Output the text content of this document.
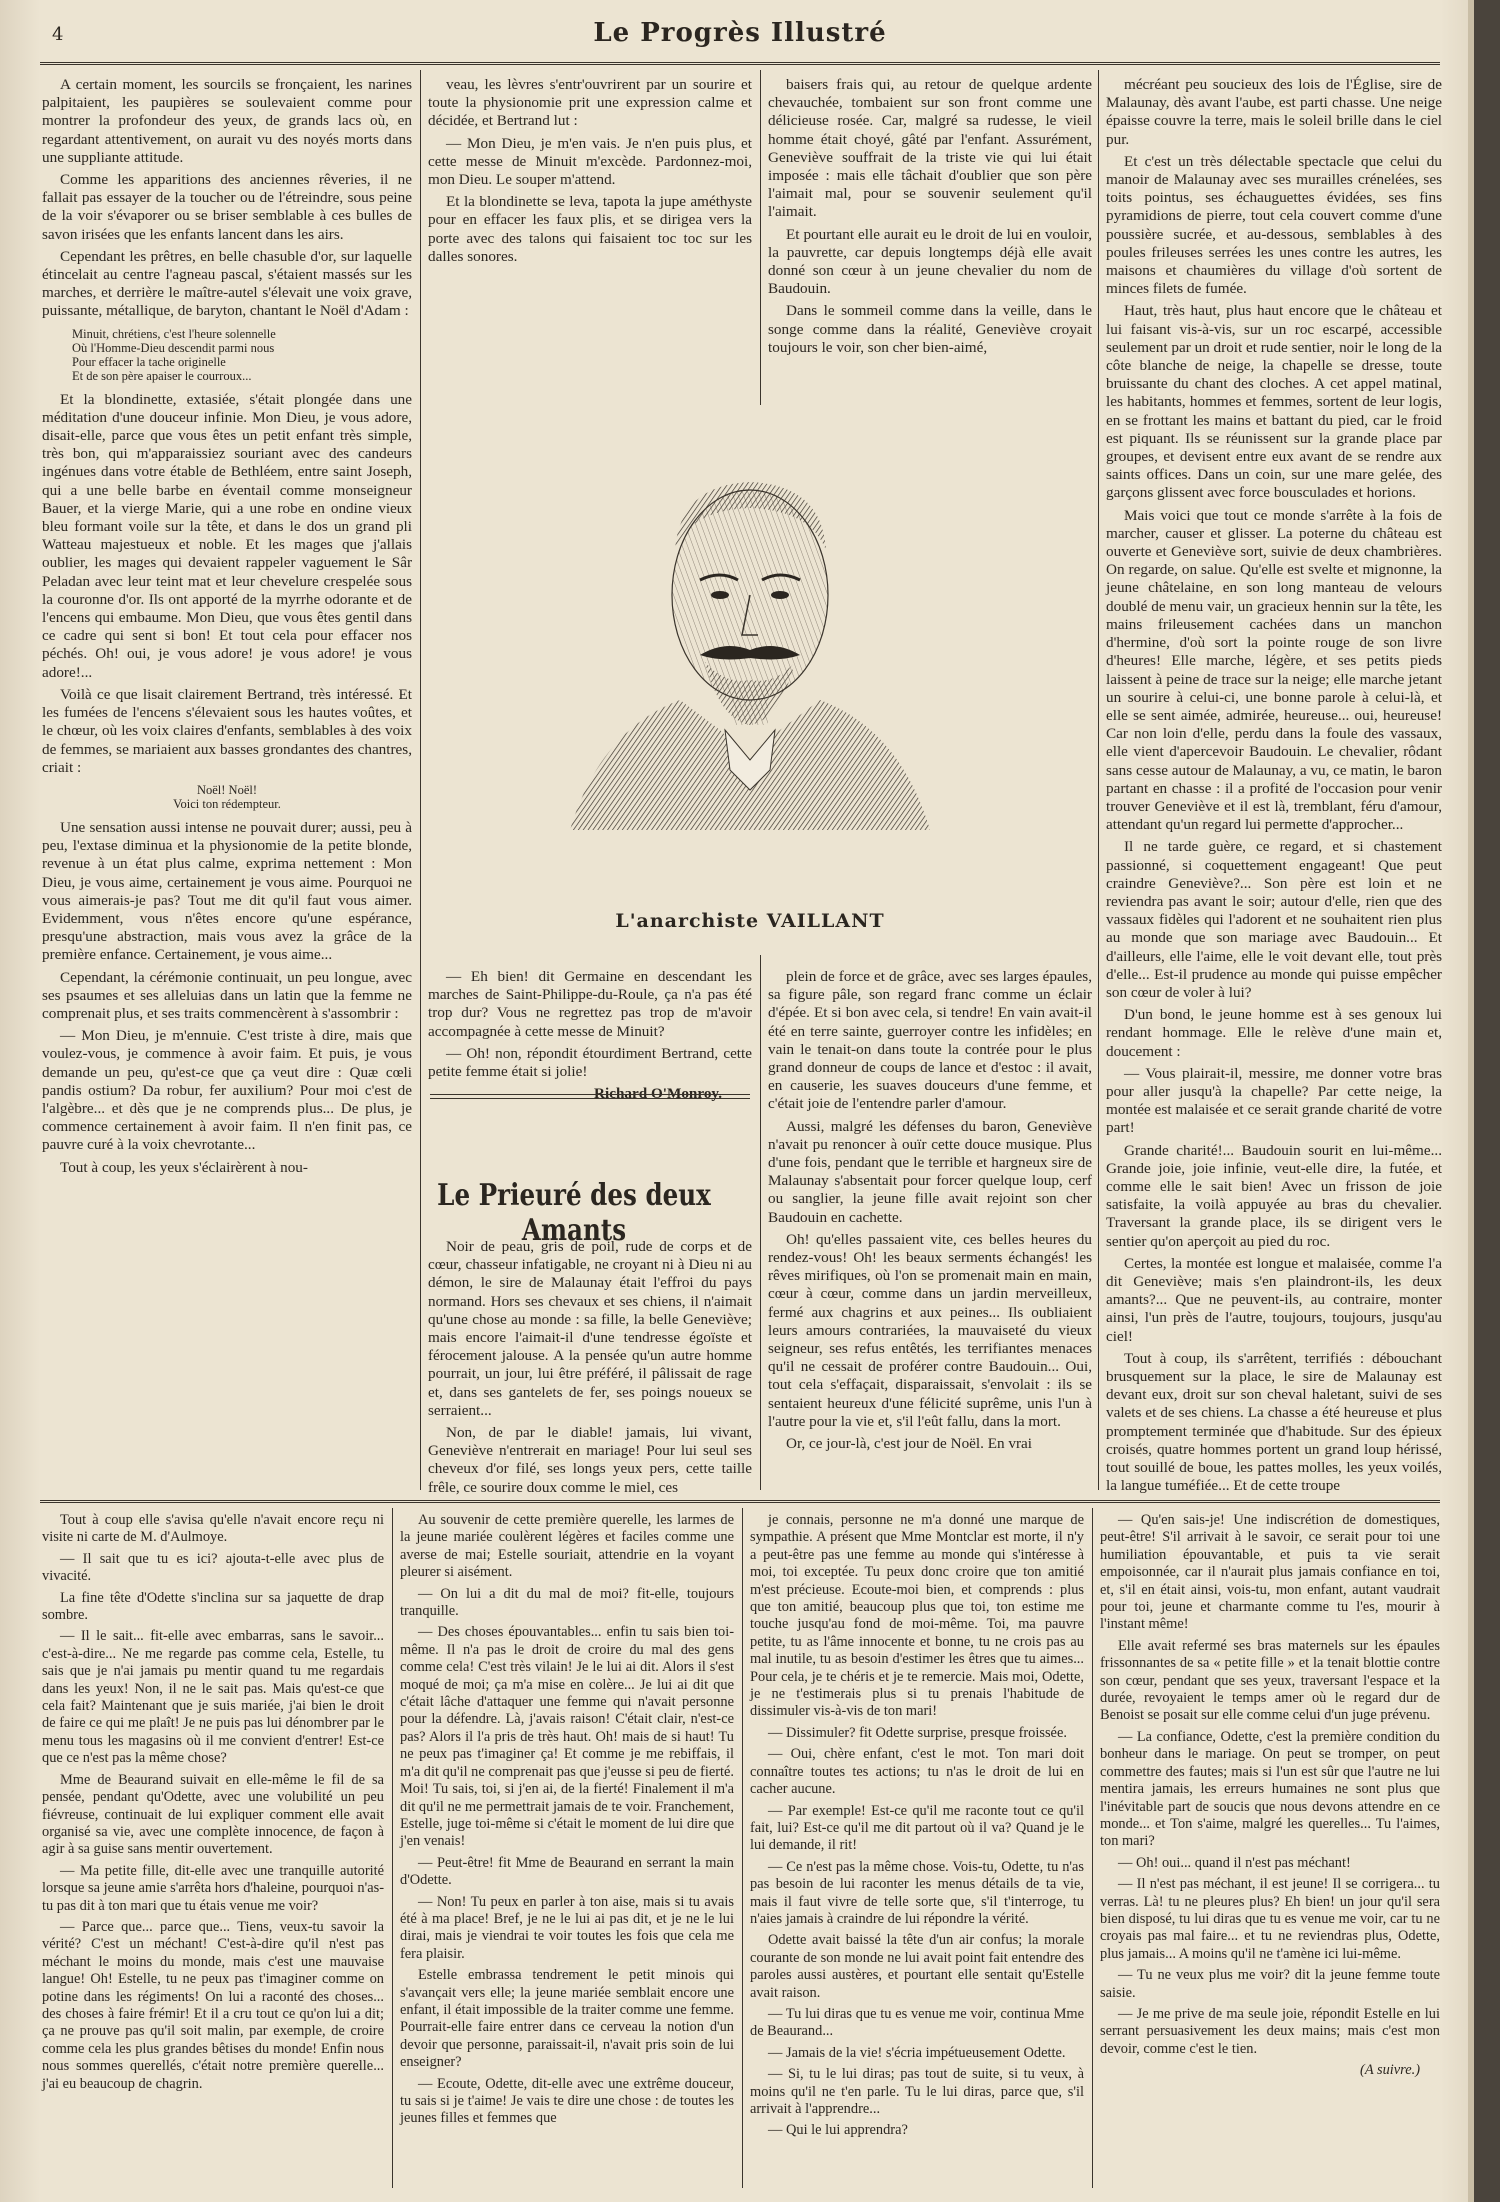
4	Le Progrès Illustré

A certain moment, les sourcils se fronçaient, les narines palpitaient, les paupières se soulevaient comme pour montrer la profondeur des yeux, de grands lacs où, en regardant attentivement, on aurait vu des noyés morts dans une suppliante attitude.

Comme les apparitions des anciennes rêveries, il ne fallait pas essayer de la toucher ou de l'étreindre, sous peine de la voir s'évaporer ou se briser semblable à ces bulles de savon irisées que les enfants lancent dans les airs.

Cependant les prêtres, en belle chasuble d'or, sur laquelle étincelait au centre l'agneau pascal, s'étaient massés sur les marches, et derrière le maître-autel s'élevait une voix grave, puissante, métallique, de baryton, chantant le Noël d'Adam :

Minuit, chrétiens, c'est l'heure solennelle
Où l'Homme-Dieu descendit parmi nous
Pour effacer la tache originelle
Et de son père apaiser le courroux...

Et la blondinette, extasiée, s'était plongée dans une méditation d'une douceur infinie. Mon Dieu, je vous adore, disait-elle, parce que vous êtes un petit enfant très simple, très bon, qui m'apparaissiez souriant avec des candeurs ingénues dans votre étable de Bethléem, entre saint Joseph, qui a une belle barbe en éventail comme monseigneur Bauer, et la vierge Marie, qui a une robe en ondine vieux bleu formant voile sur la tête, et dans le dos un grand pli Watteau majestueux et noble. Et les mages que j'allais oublier, les mages qui devaient rappeler vaguement le Sâr Peladan avec leur teint mat et leur chevelure crespelée sous la couronne d'or. Ils ont apporté de la myrrhe odorante et de l'encens qui embaume. Mon Dieu, que vous êtes gentil dans ce cadre qui sent si bon! Et tout cela pour effacer nos péchés. Oh! oui, je vous adore! je vous adore! je vous adore!...

Voilà ce que lisait clairement Bertrand, très intéressé. Et les fumées de l'encens s'élevaient sous les hautes voûtes, et le chœur, où les voix claires d'enfants, semblables à des voix de femmes, se mariaient aux basses grondantes des chantres, criait :

Noël! Noël!
Voici ton rédempteur.

Une sensation aussi intense ne pouvait durer; aussi, peu à peu, l'extase diminua et la physionomie de la petite blonde, revenue à un état plus calme, exprima nettement : Mon Dieu, je vous aime, certainement je vous aime. Pourquoi ne vous aimerais-je pas? Tout me dit qu'il faut vous aimer. Evidemment, vous n'êtes encore qu'une espérance, presqu'une abstraction, mais vous avez la grâce de la première enfance. Certainement, je vous aime...

Cependant, la cérémonie continuait, un peu longue, avec ses psaumes et ses alleluias dans un latin que la femme ne comprenait plus, et ses traits commencèrent à s'assombrir :

— Mon Dieu, je m'ennuie. C'est triste à dire, mais que voulez-vous, je commence à avoir faim. Et puis, je vous demande un peu, qu'est-ce que ça veut dire : Quæ cœli pandis ostium? Da robur, fer auxilium? Pour moi c'est de l'algèbre... et dès que je ne comprends plus... De plus, je commence certainement à avoir faim. Il n'en finit pas, ce pauvre curé à la voix chevrotante...

Tout à coup, les yeux s'éclairèrent à nou-

veau, les lèvres s'entr'ouvrirent par un sourire et toute la physionomie prit une expression calme et décidée, et Bertrand lut :

— Mon Dieu, je m'en vais. Je n'en puis plus, et cette messe de Minuit m'excède. Pardonnez-moi, mon Dieu. Le souper m'attend.

Et la blondinette se leva, tapota la jupe améthyste pour en effacer les faux plis, et se dirigea vers la porte avec des talons qui faisaient toc toc sur les dalles sonores.

baisers frais qui, au retour de quelque ardente chevauchée, tombaient sur son front comme une délicieuse rosée. Car, malgré sa rudesse, le vieil homme était choyé, gâté par l'enfant. Assurément, Geneviève souffrait de la triste vie qui lui était imposée : mais elle tâchait d'oublier que son père l'aimait mal, pour se souvenir seulement qu'il l'aimait.

Et pourtant elle aurait eu le droit de lui en vouloir, la pauvrette, car depuis longtemps déjà elle avait donné son cœur à un jeune chevalier du nom de Baudouin.

Dans le sommeil comme dans la veille, dans le songe comme dans la réalité, Geneviève croyait toujours le voir, son cher bien-aimé,

L'anarchiste VAILLANT

— Eh bien! dit Germaine en descendant les marches de Saint-Philippe-du-Roule, ça n'a pas été trop dur? Vous ne regrettez pas trop de m'avoir accompagnée à cette messe de Minuit?

— Oh! non, répondit étourdiment Bertrand, cette petite femme était si jolie!

Richard O'Monroy.

Le Prieuré des deux Amants

Noir de peau, gris de poil, rude de corps et de cœur, chasseur infatigable, ne croyant ni à Dieu ni au démon, le sire de Malaunay était l'effroi du pays normand. Hors ses chevaux et ses chiens, il n'aimait qu'une chose au monde : sa fille, la belle Geneviève; mais encore l'aimait-il d'une tendresse égoïste et férocement jalouse. A la pensée qu'un autre homme pourrait, un jour, lui être préféré, il pâlissait de rage et, dans ses gantelets de fer, ses poings noueux se serraient...

Non, de par le diable! jamais, lui vivant, Geneviève n'entrerait en mariage! Pour lui seul ses cheveux d'or filé, ses longs yeux pers, cette taille frêle, ce sourire doux comme le miel, ces

plein de force et de grâce, avec ses larges épaules, sa figure pâle, son regard franc comme un éclair d'épée. Et si bon avec cela, si tendre! En vain avait-il été en terre sainte, guerroyer contre les infidèles; en vain le tenait-on dans toute la contrée pour le plus grand donneur de coups de lance et d'estoc : il avait, en causerie, les suaves douceurs d'une femme, et c'était joie de l'entendre parler d'amour.

Aussi, malgré les défenses du baron, Geneviève n'avait pu renoncer à ouïr cette douce musique. Plus d'une fois, pendant que le terrible et hargneux sire de Malaunay s'absentait pour forcer quelque loup, cerf ou sanglier, la jeune fille avait rejoint son cher Baudouin en cachette.

Oh! qu'elles passaient vite, ces belles heures du rendez-vous! Oh! les beaux serments échangés! les rêves mirifiques, où l'on se promenait main en main, cœur à cœur, comme dans un jardin merveilleux, fermé aux chagrins et aux peines... Ils oubliaient leurs amours contrariées, la mauvaiseté du vieux seigneur, ses refus entêtés, les terrifiantes menaces qu'il ne cessait de proférer contre Baudouin... Oui, tout cela s'effaçait, disparaissait, s'envolait : ils se sentaient heureux d'une félicité suprême, unis l'un à l'autre pour la vie et, s'il l'eût fallu, dans la mort.

Or, ce jour-là, c'est jour de Noël. En vrai

mécréant peu soucieux des lois de l'Église, sire de Malaunay, dès avant l'aube, est parti chasse. Une neige épaisse couvre la terre, mais le soleil brille dans le ciel pur.

Et c'est un très délectable spectacle que celui du manoir de Malaunay avec ses murailles crénelées, ses toits pointus, ses échauguettes évidées, ses fins pyramidions de pierre, tout cela couvert comme d'une poussière sucrée, et au-dessous, semblables à des poules frileuses serrées les unes contre les autres, les maisons et chaumières du village d'où sortent de minces filets de fumée.

Haut, très haut, plus haut encore que le château et lui faisant vis-à-vis, sur un roc escarpé, accessible seulement par un droit et rude sentier, noir le long de la côte blanche de neige, la chapelle se dresse, toute bruissante du chant des cloches. A cet appel matinal, les habitants, hommes et femmes, sortent de leur logis, en se frottant les mains et battant du pied, car le froid est piquant. Ils se réunissent sur la grande place par groupes, et devisent entre eux avant de se rendre aux saints offices. Dans un coin, sur une mare gelée, des garçons glissent avec force bousculades et horions.

Mais voici que tout ce monde s'arrête à la fois de marcher, causer et glisser. La poterne du château est ouverte et Geneviève sort, suivie de deux chambrières. On regarde, on salue. Qu'elle est svelte et mignonne, la jeune châtelaine, en son long manteau de velours doublé de menu vair, un gracieux hennin sur la tête, les mains frileusement cachées dans un manchon d'hermine, d'où sort la pointe rouge de son livre d'heures! Elle marche, légère, et ses petits pieds laissent à peine de trace sur la neige; elle marche jetant un sourire à celui-ci, une bonne parole à celui-là, et elle se sent aimée, admirée, heureuse... oui, heureuse! Car non loin d'elle, perdu dans la foule des vassaux, elle vient d'apercevoir Baudouin. Le chevalier, rôdant sans cesse autour de Malaunay, a vu, ce matin, le baron partant en chasse : il a profité de l'occasion pour venir trouver Geneviève et il est là, tremblant, féru d'amour, attendant qu'un regard lui permette d'approcher...

Il ne tarde guère, ce regard, et si chastement passionné, si coquettement engageant! Que peut craindre Geneviève?... Son père est loin et ne reviendra pas avant le soir; autour d'elle, rien que des vassaux fidèles qui l'adorent et ne souhaitent rien plus au monde que son mariage avec Baudouin... Et d'ailleurs, elle l'aime, elle le voit devant elle, tout près d'elle... Est-il prudence au monde qui puisse empêcher son cœur de voler à lui?

D'un bond, le jeune homme est à ses genoux lui rendant hommage. Elle le relève d'une main et, doucement :

— Vous plairait-il, messire, me donner votre bras pour aller jusqu'à la chapelle? Par cette neige, la montée est malaisée et ce serait grande charité de votre part!

Grande charité!... Baudouin sourit en lui-même... Grande joie, joie infinie, veut-elle dire, la futée, et comme elle le sait bien! Avec un frisson de joie satisfaite, la voilà appuyée au bras du chevalier. Traversant la grande place, ils se dirigent vers le sentier qu'on aperçoit au pied du roc.

Certes, la montée est longue et malaisée, comme l'a dit Geneviève; mais s'en plaindront-ils, les deux amants?... Que ne peuvent-ils, au contraire, monter ainsi, l'un près de l'autre, toujours, toujours, jusqu'au ciel!

Tout à coup, ils s'arrêtent, terrifiés : débouchant brusquement sur la place, le sire de Malaunay est devant eux, droit sur son cheval haletant, suivi de ses valets et de ses chiens. La chasse a été heureuse et plus promptement terminée que d'habitude. Sur des épieux croisés, quatre hommes portent un grand loup hérissé, tout souillé de boue, les pattes molles, les yeux voilés, la langue tuméfiée... Et de cette troupe

Tout à coup elle s'avisa qu'elle n'avait encore reçu ni visite ni carte de M. d'Aulmoye.

— Il sait que tu es ici? ajouta-t-elle avec plus de vivacité.

La fine tête d'Odette s'inclina sur sa jaquette de drap sombre.

— Il le sait... fit-elle avec embarras, sans le savoir... c'est-à-dire... Ne me regarde pas comme cela, Estelle, tu sais que je n'ai jamais pu mentir quand tu me regardais dans les yeux! Non, il ne le sait pas. Mais qu'est-ce que cela fait? Maintenant que je suis mariée, j'ai bien le droit de faire ce qui me plaît! Je ne puis pas lui dénombrer par le menu tous les magasins où il me convient d'entrer! Est-ce que ce n'est pas la même chose?

Mme de Beaurand suivait en elle-même le fil de sa pensée, pendant qu'Odette, avec une volubilité un peu fiévreuse, continuait de lui expliquer comment elle avait organisé sa vie, avec une complète innocence, de façon à agir à sa guise sans mentir ouvertement.

— Ma petite fille, dit-elle avec une tranquille autorité lorsque sa jeune amie s'arrêta hors d'haleine, pourquoi n'as-tu pas dit à ton mari que tu étais venue me voir?

— Parce que... parce que... Tiens, veux-tu savoir la vérité? C'est un méchant! C'est-à-dire qu'il n'est pas méchant le moins du monde, mais c'est une mauvaise langue! Oh! Estelle, tu ne peux pas t'imaginer comme on potine dans les régiments! On lui a raconté des choses... des choses à faire frémir! Et il a cru tout ce qu'on lui a dit; ça ne prouve pas qu'il soit malin, par exemple, de croire comme cela les plus grandes bêtises du monde! Enfin nous nous sommes querellés, c'était notre première querelle... j'ai eu beaucoup de chagrin.

Au souvenir de cette première querelle, les larmes de la jeune mariée coulèrent légères et faciles comme une averse de mai; Estelle souriait, attendrie en la voyant pleurer si aisément.

— On lui a dit du mal de moi? fit-elle, toujours tranquille.

— Des choses épouvantables... enfin tu sais bien toi-même. Il n'a pas le droit de croire du mal des gens comme cela! C'est très vilain! Je le lui ai dit. Alors il s'est moqué de moi; ça m'a mise en colère... Je lui ai dit que c'était lâche d'attaquer une femme qui n'avait personne pour la défendre. Là, j'avais raison! C'était clair, n'est-ce pas? Alors il l'a pris de très haut. Oh! mais de si haut! Tu ne peux pas t'imaginer ça! Et comme je me rebiffais, il m'a dit qu'il ne comprenait pas que j'eusse si peu de fierté. Moi! Tu sais, toi, si j'en ai, de la fierté! Finalement il m'a dit qu'il ne me permettrait jamais de te voir. Franchement, Estelle, juge toi-même si c'était le moment de lui dire que j'en venais!

— Peut-être! fit Mme de Beaurand en serrant la main d'Odette.

— Non! Tu peux en parler à ton aise, mais si tu avais été à ma place! Bref, je ne le lui ai pas dit, et je ne le lui dirai, mais je viendrai te voir toutes les fois que cela me fera plaisir.

Estelle embrassa tendrement le petit minois qui s'avançait vers elle; la jeune mariée semblait encore une enfant, il était impossible de la traiter comme une femme. Pourrait-elle faire entrer dans ce cerveau la notion d'un devoir que personne, paraissait-il, n'avait pris soin de lui enseigner?

— Ecoute, Odette, dit-elle avec une extrême douceur, tu sais si je t'aime! Je vais te dire une chose : de toutes les jeunes filles et femmes que

je connais, personne ne m'a donné une marque de sympathie. A présent que Mme Montclar est morte, il n'y a peut-être pas une femme au monde qui s'intéresse à moi, toi exceptée. Tu peux donc croire que ton amitié m'est précieuse. Ecoute-moi bien, et comprends : plus que ton amitié, beaucoup plus que toi, ton estime me touche jusqu'au fond de moi-même. Toi, ma pauvre petite, tu as l'âme innocente et bonne, tu ne crois pas au mal inutile, tu as besoin d'estimer les êtres que tu aimes... Pour cela, je te chéris et je te remercie. Mais moi, Odette, je ne t'estimerais plus si tu prenais l'habitude de dissimuler vis-à-vis de ton mari!

— Dissimuler? fit Odette surprise, presque froissée.

— Oui, chère enfant, c'est le mot. Ton mari doit connaître toutes tes actions; tu n'as le droit de lui en cacher aucune.

— Par exemple! Est-ce qu'il me raconte tout ce qu'il fait, lui? Est-ce qu'il me dit partout où il va? Quand je le lui demande, il rit!

— Ce n'est pas la même chose. Vois-tu, Odette, tu n'as pas besoin de lui raconter les menus détails de ta vie, mais il faut vivre de telle sorte que, s'il t'interroge, tu n'aies jamais à craindre de lui répondre la vérité.

Odette avait baissé la tête d'un air confus; la morale courante de son monde ne lui avait point fait entendre des paroles aussi austères, et pourtant elle sentait qu'Estelle avait raison.

— Tu lui diras que tu es venue me voir, continua Mme de Beaurand...

— Jamais de la vie! s'écria impétueusement Odette.

— Si, tu le lui diras; pas tout de suite, si tu veux, à moins qu'il ne t'en parle. Tu le lui diras, parce que, s'il arrivait à l'apprendre...

— Qui le lui apprendra?

— Qu'en sais-je! Une indiscrétion de domestiques, peut-être! S'il arrivait à le savoir, ce serait pour toi une humiliation épouvantable, et puis ta vie serait empoisonnée, car il n'aurait plus jamais confiance en toi, et, s'il en était ainsi, vois-tu, mon enfant, autant vaudrait pour toi, jeune et charmante comme tu l'es, mourir à l'instant même!

Elle avait refermé ses bras maternels sur les épaules frissonnantes de sa « petite fille » et la tenait blottie contre son cœur, pendant que ses yeux, traversant l'espace et la durée, revoyaient le temps amer où le regard dur de Benoist se posait sur elle comme celui d'un juge prévenu.

— La confiance, Odette, c'est la première condition du bonheur dans le mariage. On peut se tromper, on peut commettre des fautes; mais si l'un est sûr que l'autre ne lui mentira jamais, les erreurs humaines ne sont plus que l'inévitable part de soucis que nous devons attendre en ce monde... et Ton s'aime, malgré les querelles... Tu l'aimes, ton mari?

— Oh! oui... quand il n'est pas méchant!

— Il n'est pas méchant, il est jeune! Il se corrigera... tu verras. Là! tu ne pleures plus? Eh bien! un jour qu'il sera bien disposé, tu lui diras que tu es venue me voir, car tu ne croyais pas mal faire... et tu ne reviendras plus, Odette, plus jamais... A moins qu'il ne t'amène ici lui-même.

— Tu ne veux plus me voir? dit la jeune femme toute saisie.

— Je me prive de ma seule joie, répondit Estelle en lui serrant persuasivement les deux mains; mais c'est mon devoir, comme c'est le tien.

(A suivre.)
